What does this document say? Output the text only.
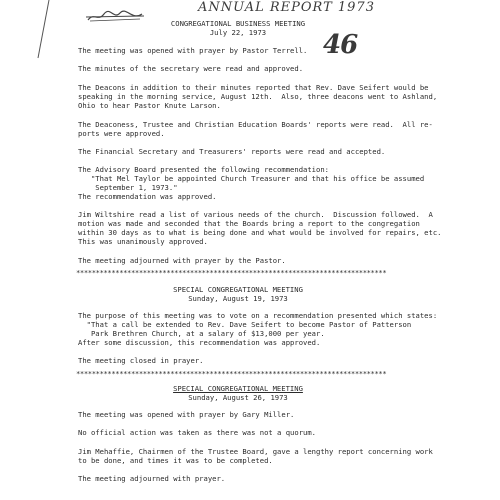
ANNUAL REPORT 1973
46
CONGREGATIONAL BUSINESS MEETING
July 22, 1973
The meeting was opened with prayer by Pastor Terrell.
The minutes of the secretary were read and approved.
The Deacons in addition to their minutes reported that Rev. Dave Seifert would be
speaking in the morning service, August 12th.  Also, three deacons went to Ashland,
Ohio to hear Pastor Knute Larson.
The Deaconess, Trustee and Christian Education Boards' reports were read.  All re-
ports were approved.
The Financial Secretary and Treasurers' reports were read and accepted.
The Advisory Board presented the following recommendation:
"That Mel Taylor be appointed Church Treasurer and that his office be assumed
September 1, 1973."
The recommendation was approved.
Jim Wiltshire read a list of various needs of the church.  Discussion followed.  A
motion was made and seconded that the Boards bring a report to the congregation
within 30 days as to what is being done and what would be involved for repairs, etc.
This was unanimously approved.
The meeting adjourned with prayer by the Pastor.
*******************************************************************************
SPECIAL CONGREGATIONAL MEETING
Sunday, August 19, 1973
The purpose of this meeting was to vote on a recommendation presented which states:
"That a call be extended to Rev. Dave Seifert to become Pastor of Patterson
Park Brethren Church, at a salary of $13,000 per year.
After some discussion, this recommendation was approved.
The meeting closed in prayer.
*******************************************************************************
SPECIAL CONGREGATIONAL MEETING
Sunday, August 26, 1973
The meeting was opened with prayer by Gary Miller.
No official action was taken as there was not a quorum.
Jim Mehaffie, Chairmen of the Trustee Board, gave a lengthy report concerning work
to be done, and times it was to be completed.
The meeting adjourned with prayer.
